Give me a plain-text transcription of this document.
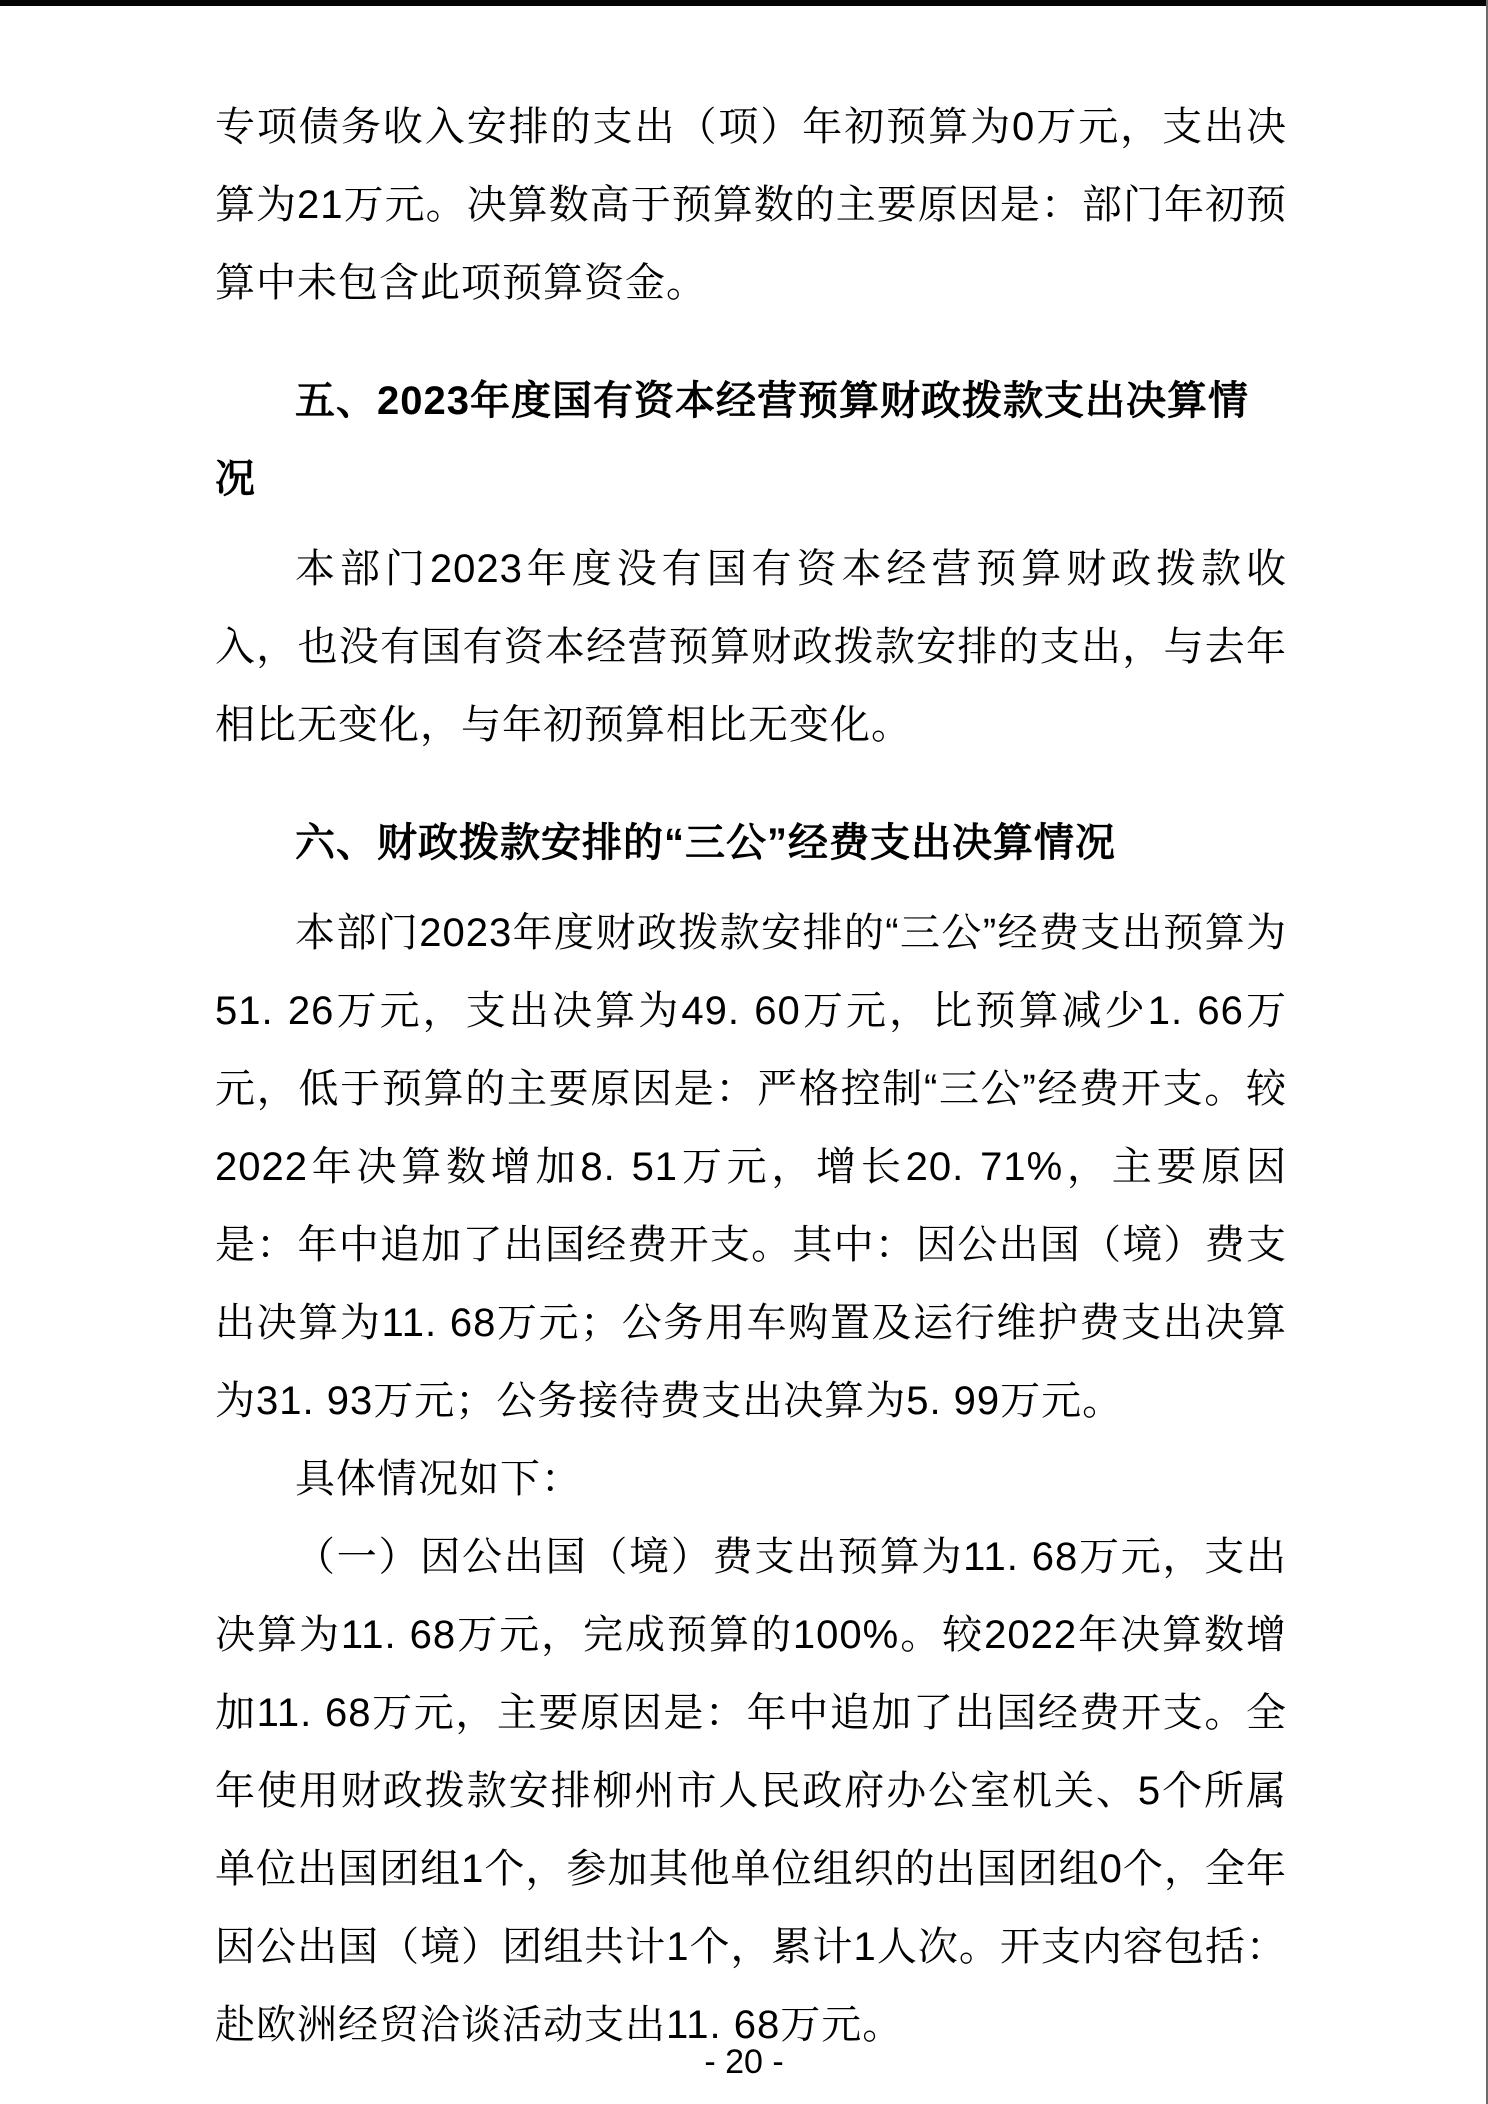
专项债务收入安排的支出（项）年初预算为0万元，支出决算为21万元。决算数高于预算数的主要原因是：部门年初预算中未包含此项预算资金。

五、2023年度国有资本经营预算财政拨款支出决算情况

本部门2023年度没有国有资本经营预算财政拨款收入，也没有国有资本经营预算财政拨款安排的支出，与去年相比无变化，与年初预算相比无变化。

六、财政拨款安排的“三公”经费支出决算情况

本部门2023年度财政拨款安排的“三公”经费支出预算为51. 26万元，支出决算为49. 60万元，比预算减少1. 66万元，低于预算的主要原因是：严格控制“三公”经费开支。较2022年决算数增加8. 51万元，增长20. 71%，主要原因是：年中追加了出国经费开支。其中：因公出国（境）费支出决算为11. 68万元；公务用车购置及运行维护费支出决算为31. 93万元；公务接待费支出决算为5. 99万元。

具体情况如下：

（一）因公出国（境）费支出预算为11. 68万元，支出决算为11. 68万元，完成预算的100%。较2022年决算数增加11. 68万元，主要原因是：年中追加了出国经费开支。全年使用财政拨款安排柳州市人民政府办公室机关、5个所属单位出国团组1个，参加其他单位组织的出国团组0个，全年因公出国（境）团组共计1个，累计1人次。开支内容包括：赴欧洲经贸洽谈活动支出11. 68万元。

- 20 -
